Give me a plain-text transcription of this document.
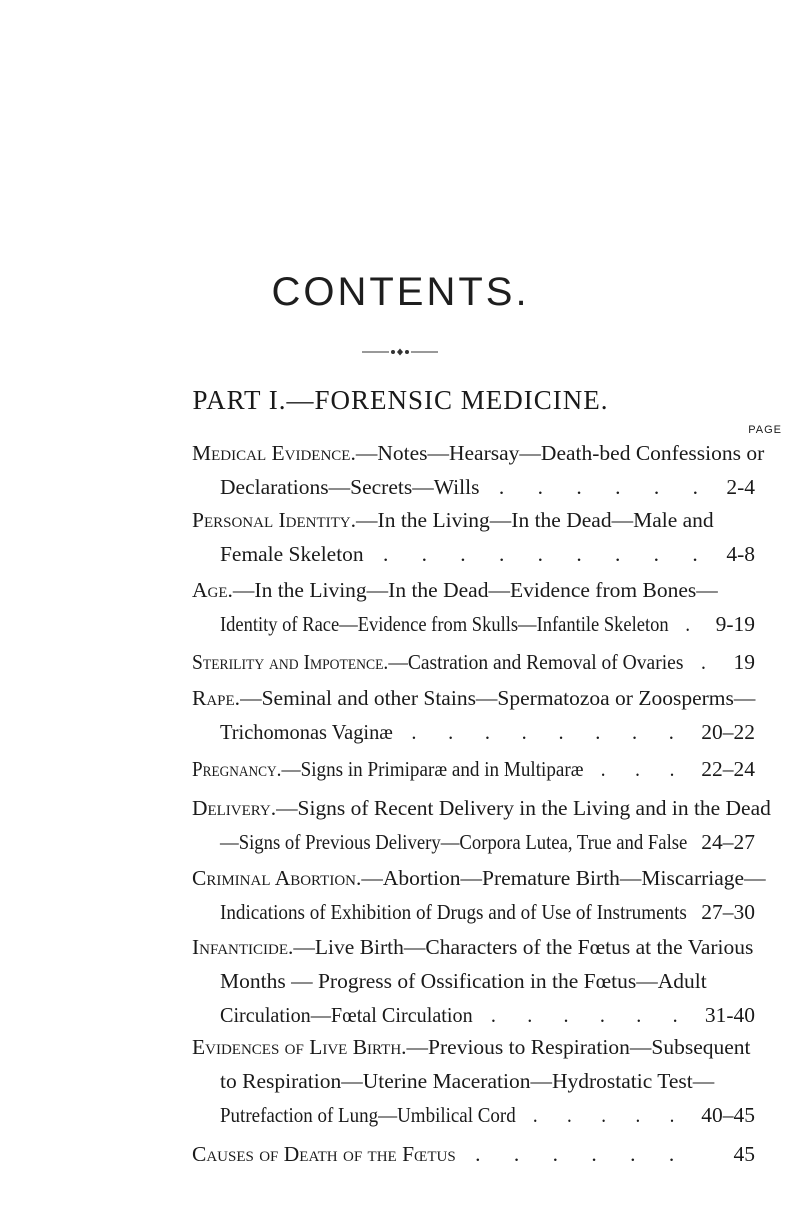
CONTENTS.
PART I.—FORENSIC MEDICINE.
PAGE
Medical Evidence.—Notes—Hearsay—Death-bed Confessions or
Declarations—Secrets—Wills . . . . . . 2-4
Personal Identity.—In the Living—In the Dead—Male and
Female Skeleton . . . . . . . . . 4-8
Age.—In the Living—In the Dead—Evidence from Bones—
Identity of Race—Evidence from Skulls—Infantile Skeleton . 9-19
Sterility and Impotence.—Castration and Removal of Ovaries . 19
Rape.—Seminal and other Stains—Spermatozoa or Zoosperms—
Trichomonas Vaginæ . . . . . . . . 20–22
Pregnancy.—Signs in Primiparæ and in Multiparæ . . . 22–24
Delivery.—Signs of Recent Delivery in the Living and in the Dead
—Signs of Previous Delivery—Corpora Lutea, True and False 24–27
Criminal Abortion.—Abortion—Premature Birth—Miscarriage—
Indications of Exhibition of Drugs and of Use of Instruments 27–30
Infanticide.—Live Birth—Characters of the Fœtus at the Various
Months — Progress of Ossification in the Fœtus—Adult
Circulation—Fœtal Circulation . . . . . . 31-40
Evidences of Live Birth.—Previous to Respiration—Subsequent
to Respiration—Uterine Maceration—Hydrostatic Test—
Putrefaction of Lung—Umbilical Cord . . . . . 40–45
Causes of Death of the Fœtus . . . . . . 45
